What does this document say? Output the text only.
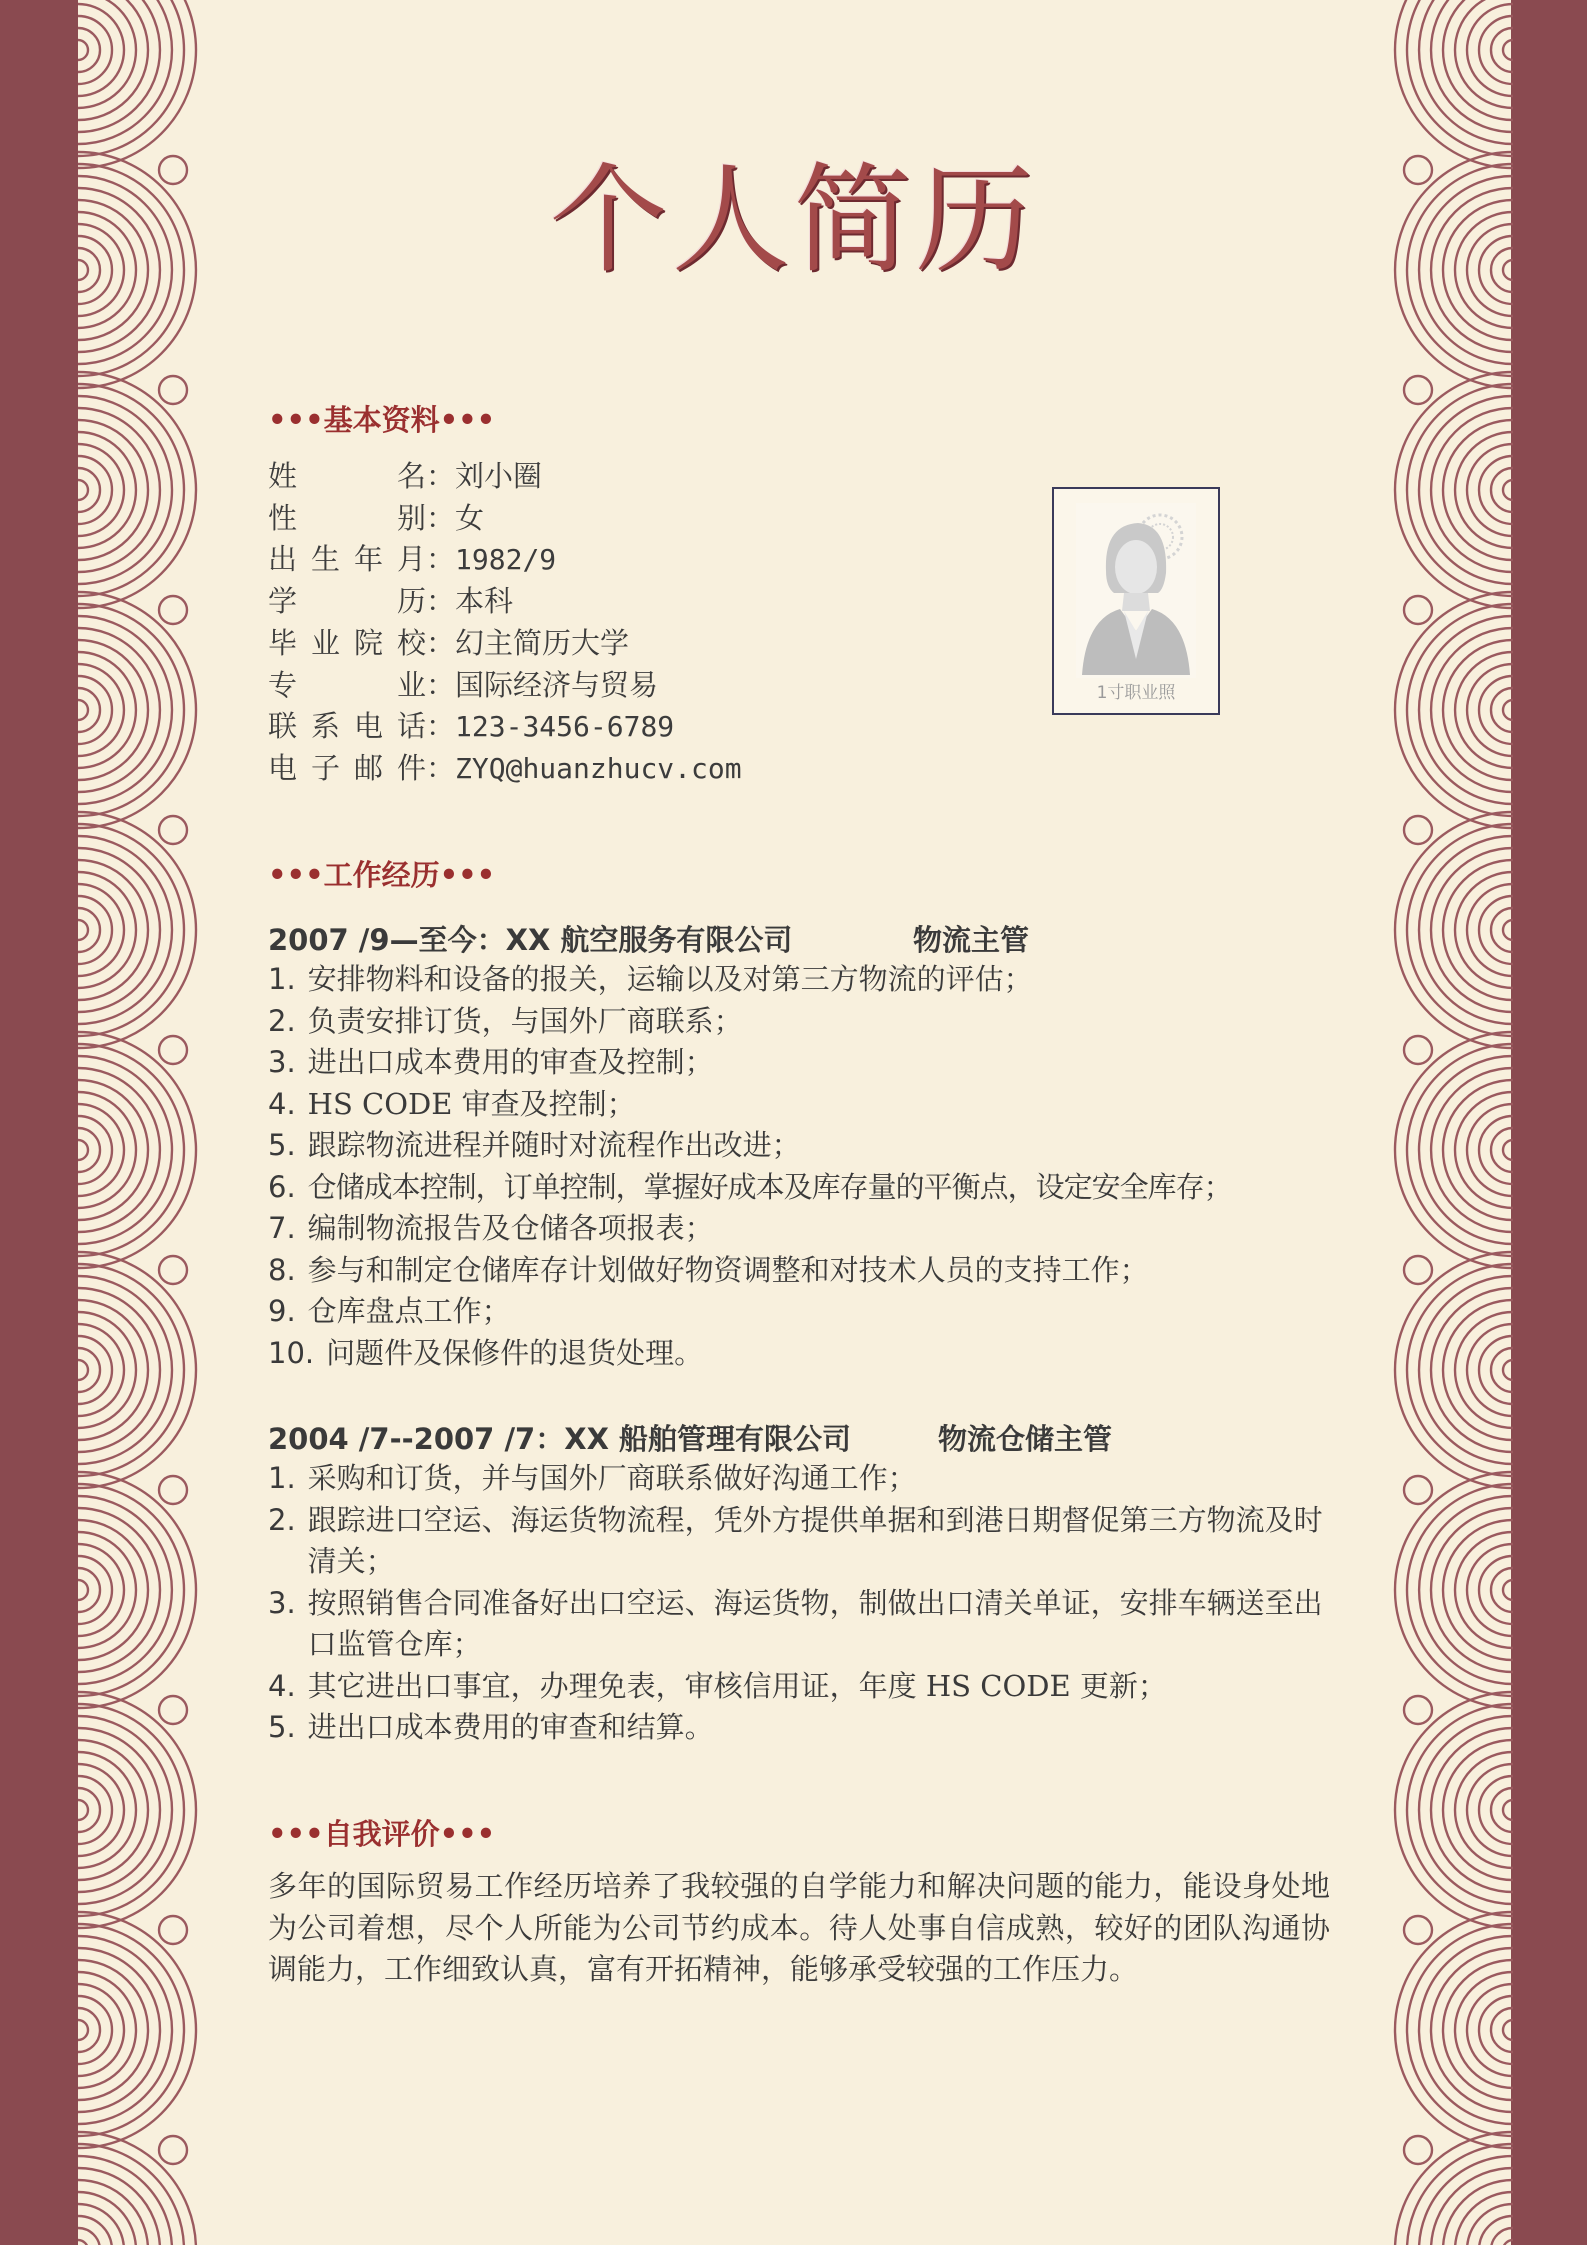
个人简历
•••基本资料•••
姓名 ： 刘小圈
性别 ： 女
出生年月 ： 1982/9
学历 ： 本科
毕业院校 ： 幻主简历大学
专业 ： 国际经济与贸易
联系电话 ： 123-3456-6789
电子邮件 ： ZYQ@huanzhucv.com
1寸职业照
•••工作经历•••
2007 /9—至今：XX 航空服务有限公司	物流主管
1. 安排物料和设备的报关，运输以及对第三方物流的评估；
2. 负责安排订货，与国外厂商联系；
3. 进出口成本费用的审查及控制；
4. HS CODE 审查及控制；
5. 跟踪物流进程并随时对流程作出改进；
6. 仓储成本控制，订单控制，掌握好成本及库存量的平衡点，设定安全库存；
7. 编制物流报告及仓储各项报表；
8. 参与和制定仓储库存计划做好物资调整和对技术人员的支持工作；
9. 仓库盘点工作；
10. 问题件及保修件的退货处理。
2004 /7--2007 /7：XX 船舶管理有限公司	物流仓储主管
1. 采购和订货，并与国外厂商联系做好沟通工作；
2. 跟踪进口空运、海运货物流程，凭外方提供单据和到港日期督促第三方物流及时清关；
3. 按照销售合同准备好出口空运、海运货物，制做出口清关单证，安排车辆送至出口监管仓库；
4. 其它进出口事宜，办理免表，审核信用证，年度 HS CODE 更新；
5. 进出口成本费用的审查和结算。
•••自我评价•••
多年的国际贸易工作经历培养了我较强的自学能力和解决问题的能力，能设身处地为公司着想，尽个人所能为公司节约成本。待人处事自信成熟，较好的团队沟通协调能力，工作细致认真，富有开拓精神，能够承受较强的工作压力。
